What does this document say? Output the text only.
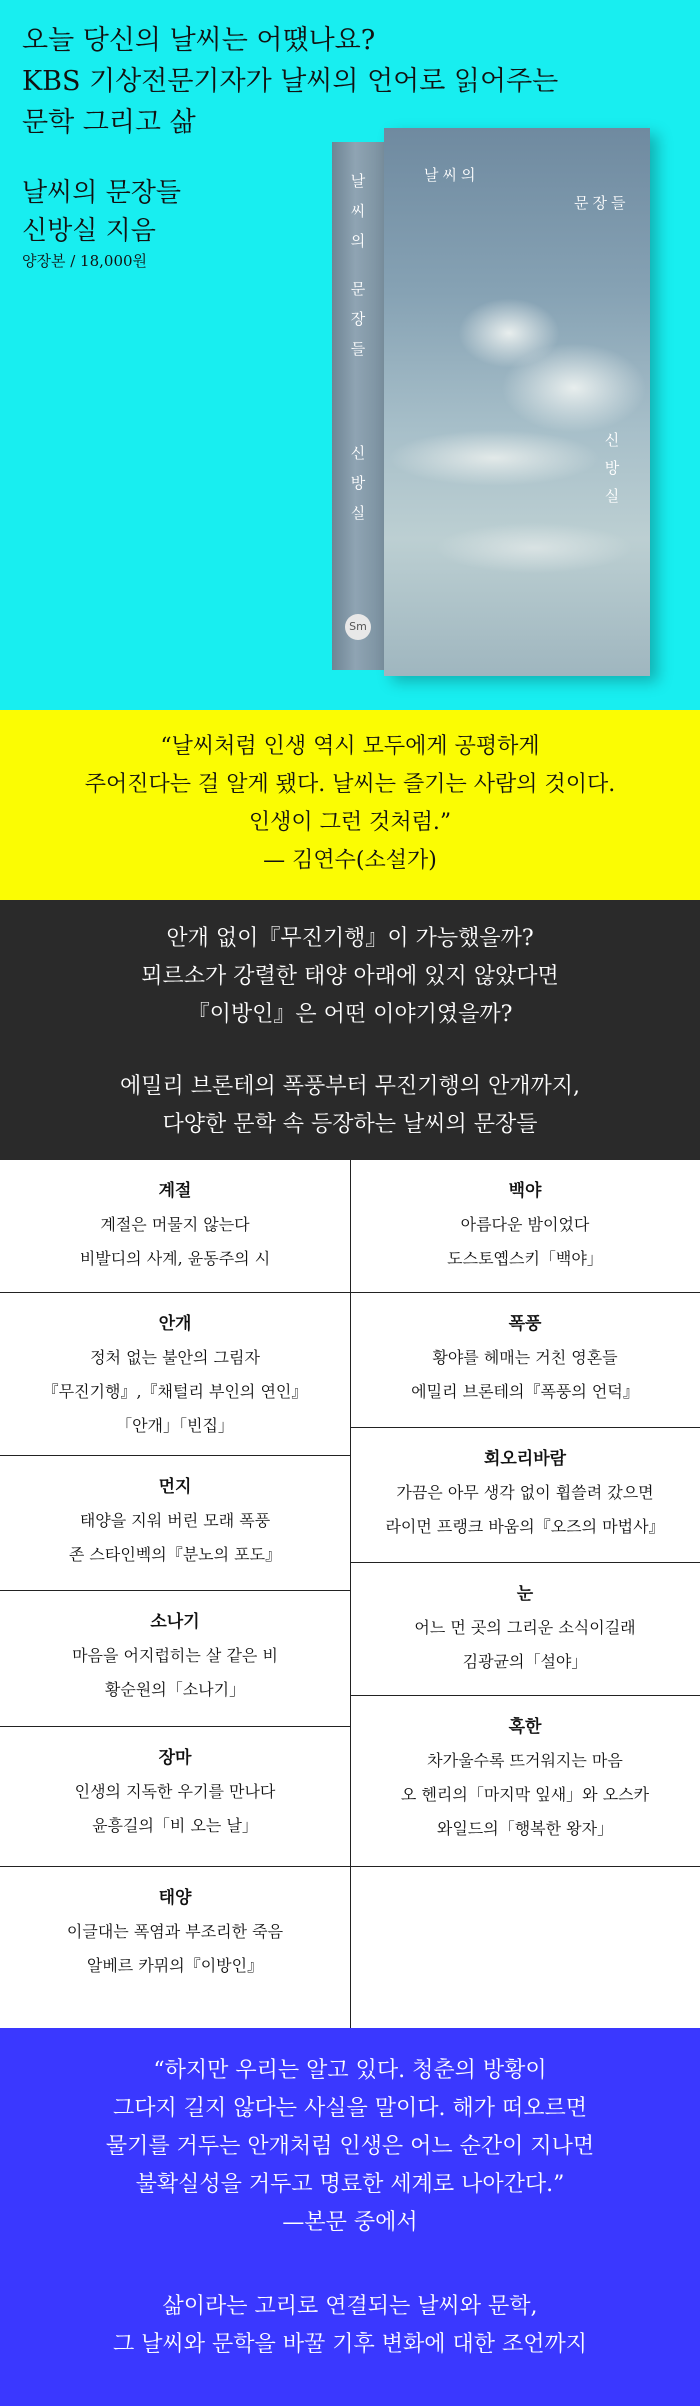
오늘 당신의 날씨는 어떘나요?
KBS 기상전문기자가 날씨의 언어로 읽어주는
문학 그리고 삶
날씨의 문장들
신방실 지음
양장본 / 18,000원
날
씨
의
문
장
들
신
방
실
Sm
날씨의
문장들
신
방
실
“날씨처럼 인생 역시 모두에게 공평하게
주어진다는 걸 알게 됐다. 날씨는 즐기는 사람의 것이다.
인생이 그런 것처럼.”
— 김연수(소설가)
안개 없이『무진기행』이 가능했을까?
뫼르소가 강렬한 태양 아래에 있지 않았다면
『이방인』은 어떤 이야기였을까?
에밀리 브론테의 폭풍부터 무진기행의 안개까지,
다양한 문학 속 등장하는 날씨의 문장들
계절
계절은 머물지 않는다
비발디의 사계, 윤동주의 시
안개
정처 없는 불안의 그림자
『무진기행』,『채털리 부인의 연인』
「안개」「빈집」
먼지
태양을 지워 버린 모래 폭풍
존 스타인벡의『분노의 포도』
소나기
마음을 어지럽히는 살 같은 비
황순원의「소나기」
장마
인생의 지독한 우기를 만나다
윤흥길의「비 오는 날」
태양
이글대는 폭염과 부조리한 죽음
알베르 카뮈의『이방인』
백야
아름다운 밤이었다
도스토옙스키「백야」
폭풍
황야를 헤매는 거친 영혼들
에밀리 브론테의『폭풍의 언덕』
회오리바람
가끔은 아무 생각 없이 휩쓸려 갔으면
라이먼 프랭크 바움의『오즈의 마법사』
눈
어느 먼 곳의 그리운 소식이길래
김광균의「설야」
혹한
차가울수록 뜨거워지는 마음
오 헨리의「마지막 잎새」와 오스카
와일드의「행복한 왕자」
“하지만 우리는 알고 있다. 청춘의 방황이
그다지 길지 않다는 사실을 말이다. 해가 떠오르면
물기를 거두는 안개처럼 인생은 어느 순간이 지나면
불확실성을 거두고 명료한 세계로 나아간다.”
—본문 중에서
삶이라는 고리로 연결되는 날씨와 문학,
그 날씨와 문학을 바꿀 기후 변화에 대한 조언까지
